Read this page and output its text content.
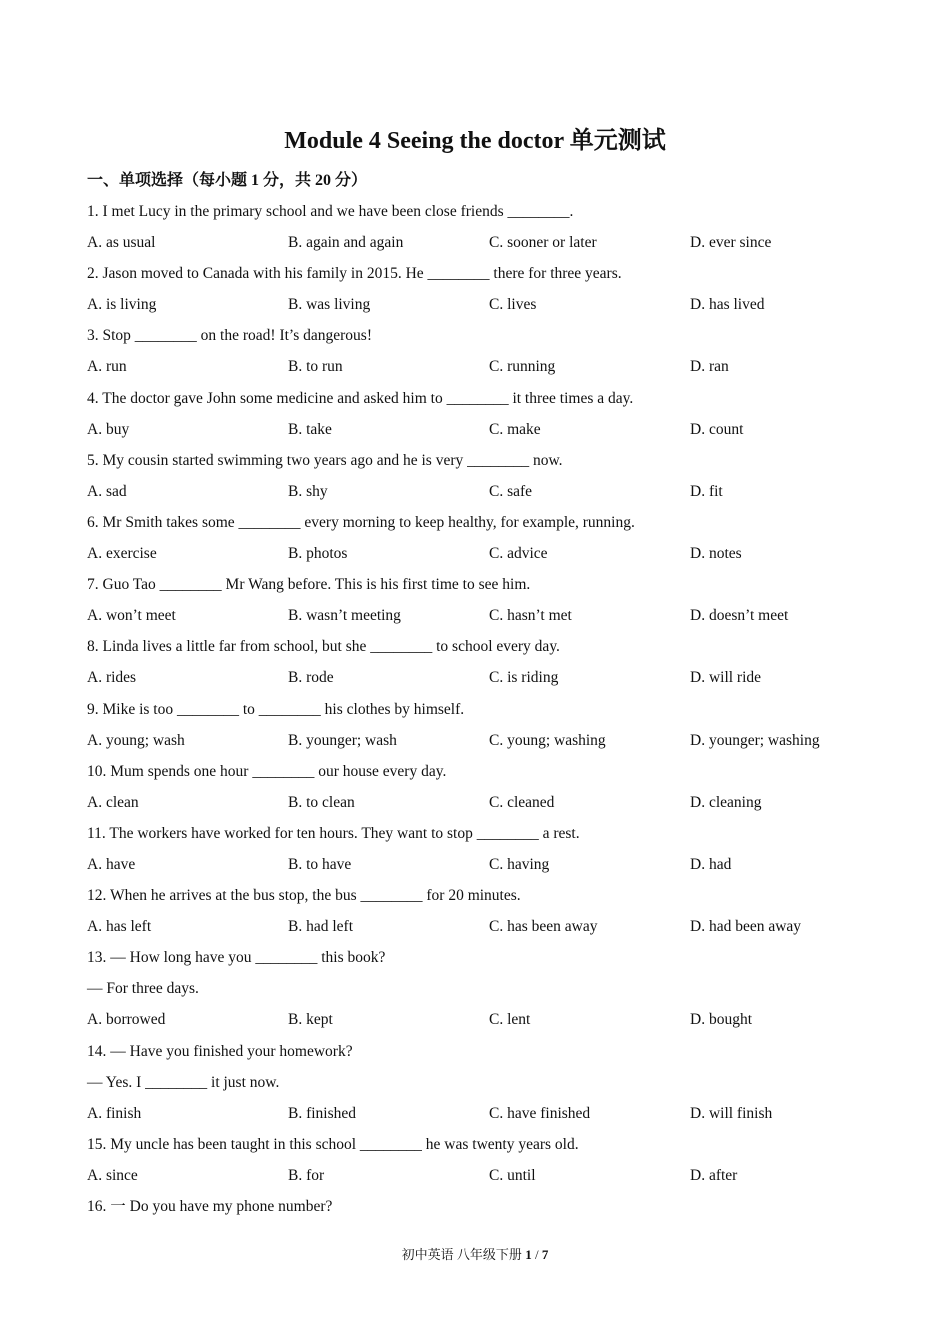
Module 4 Seeing the doctor 单元测试
一、单项选择（每小题 1 分，共 20 分）
1. I met Lucy in the primary school and we have been close friends ________.
A. as usual	B. again and again	C. sooner or later	D. ever since
2. Jason moved to Canada with his family in 2015. He ________ there for three years.
A. is living	B. was living	C. lives	D. has lived
3. Stop ________ on the road! It’s dangerous!
A. run	B. to run	C. running	D. ran
4. The doctor gave John some medicine and asked him to ________ it three times a day.
A. buy	B. take	C. make	D. count
5. My cousin started swimming two years ago and he is very ________ now.
A. sad	B. shy	C. safe	D. fit
6. Mr Smith takes some ________ every morning to keep healthy, for example, running.
A. exercise	B. photos	C. advice	D. notes
7. Guo Tao ________ Mr Wang before. This is his first time to see him.
A. won’t meet	B. wasn’t meeting	C. hasn’t met	D. doesn’t meet
8. Linda lives a little far from school, but she ________ to school every day.
A. rides	B. rode	C. is riding	D. will ride
9. Mike is too ________ to ________ his clothes by himself.
A. young; wash	B. younger; wash	C. young; washing	D. younger; washing
10. Mum spends one hour ________ our house every day.
A. clean	B. to clean	C. cleaned	D. cleaning
11. The workers have worked for ten hours. They want to stop ________ a rest.
A. have	B. to have	C. having	D. had
12. When he arrives at the bus stop, the bus ________ for 20 minutes.
A. has left	B. had left	C. has been away	D. had been away
13. — How long have you ________ this book?
— For three days.
A. borrowed	B. kept	C. lent	D. bought
14. — Have you finished your homework?
— Yes. I ________ it just now.
A. finish	B. finished	C. have finished	D. will finish
15. My uncle has been taught in this school ________ he was twenty years old.
A. since	B. for	C. until	D. after
16. 一 Do you have my phone number?
初中英语 八年级下册 1 / 7
